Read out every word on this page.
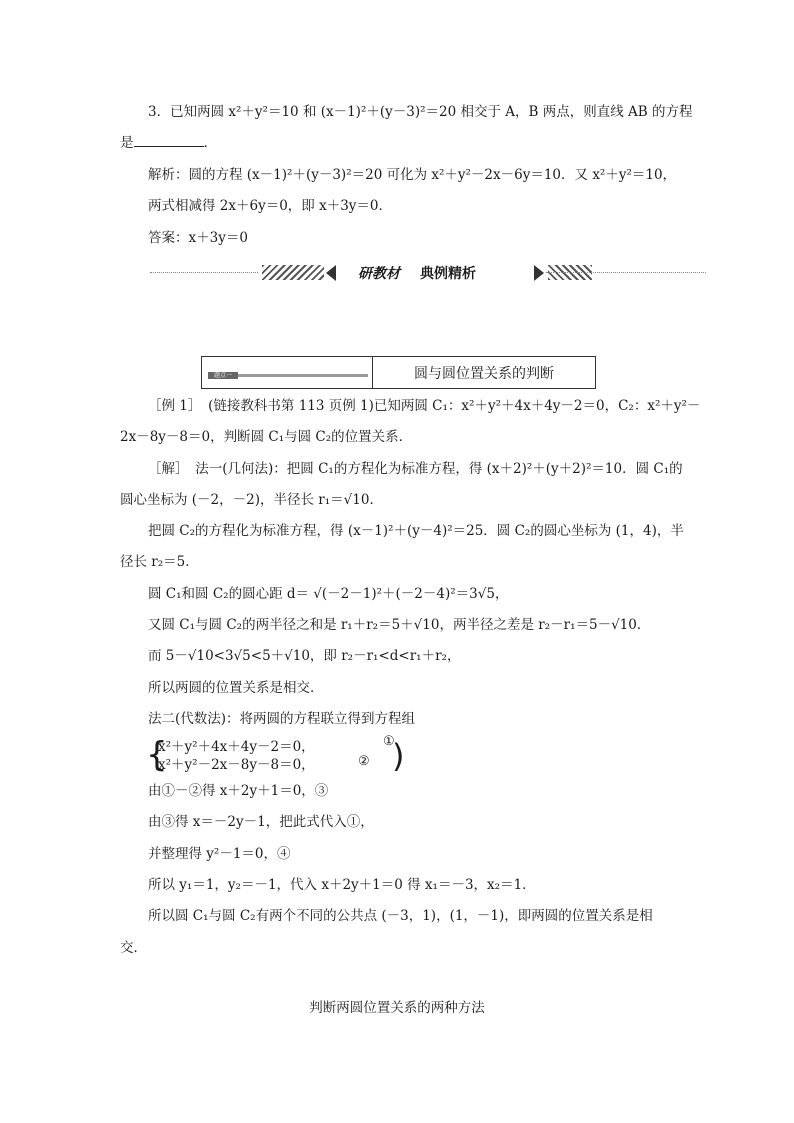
3．已知两圆 x²＋y²＝10 和 (x－1)²＋(y－3)²＝20 相交于 A，B 两点，则直线 AB 的方程
是	．
解析：圆的方程 (x－1)²＋(y－3)²＝20 可化为 x²＋y²－2x－6y＝10．又 x²＋y²＝10，
两式相减得 2x＋6y＝0，即 x＋3y＝0．
答案：x＋3y＝0
研教材 典例精析
题点一	圆与圆位置关系的判断
［例 1］　(链接教科书第 113 页例 1)已知两圆 C₁：x²＋y²＋4x＋4y－2＝0，C₂：x²＋y²－
2x－8y－8＝0，判断圆 C₁与圆 C₂的位置关系．
［解］　法一(几何法)：把圆 C₁的方程化为标准方程，得 (x＋2)²＋(y＋2)²＝10．圆 C₁的
圆心坐标为 (－2，－2)，半径长 r₁＝√10．
把圆 C₂的方程化为标准方程，得 (x－1)²＋(y－4)²＝25．圆 C₂的圆心坐标为 (1，4)，半
径长 r₂＝5．
圆 C₁和圆 C₂的圆心距 d＝ √(－2－1)²＋(－2－4)²＝3√5，
又圆 C₁与圆 C₂的两半径之和是 r₁＋r₂＝5＋√10，两半径之差是 r₂－r₁＝5－√10．
而 5－√10<3√5<5＋√10，即 r₂－r₁<d<r₁＋r₂，
所以两圆的位置关系是相交．
法二(代数法)：将两圆的方程联立得到方程组
{
x²＋y²＋4x＋4y－2＝0，
x²＋y²－2x－8y－8＝0，
①
② )
由①－②得 x＋2y＋1＝0，③
由③得 x＝－2y－1，把此式代入①，
并整理得 y²－1＝0，④
所以 y₁＝1，y₂＝－1，代入 x＋2y＋1＝0 得 x₁＝－3，x₂＝1．
所以圆 C₁与圆 C₂有两个不同的公共点 (－3，1)，(1，－1)，即两圆的位置关系是相
交．
判断两圆位置关系的两种方法
